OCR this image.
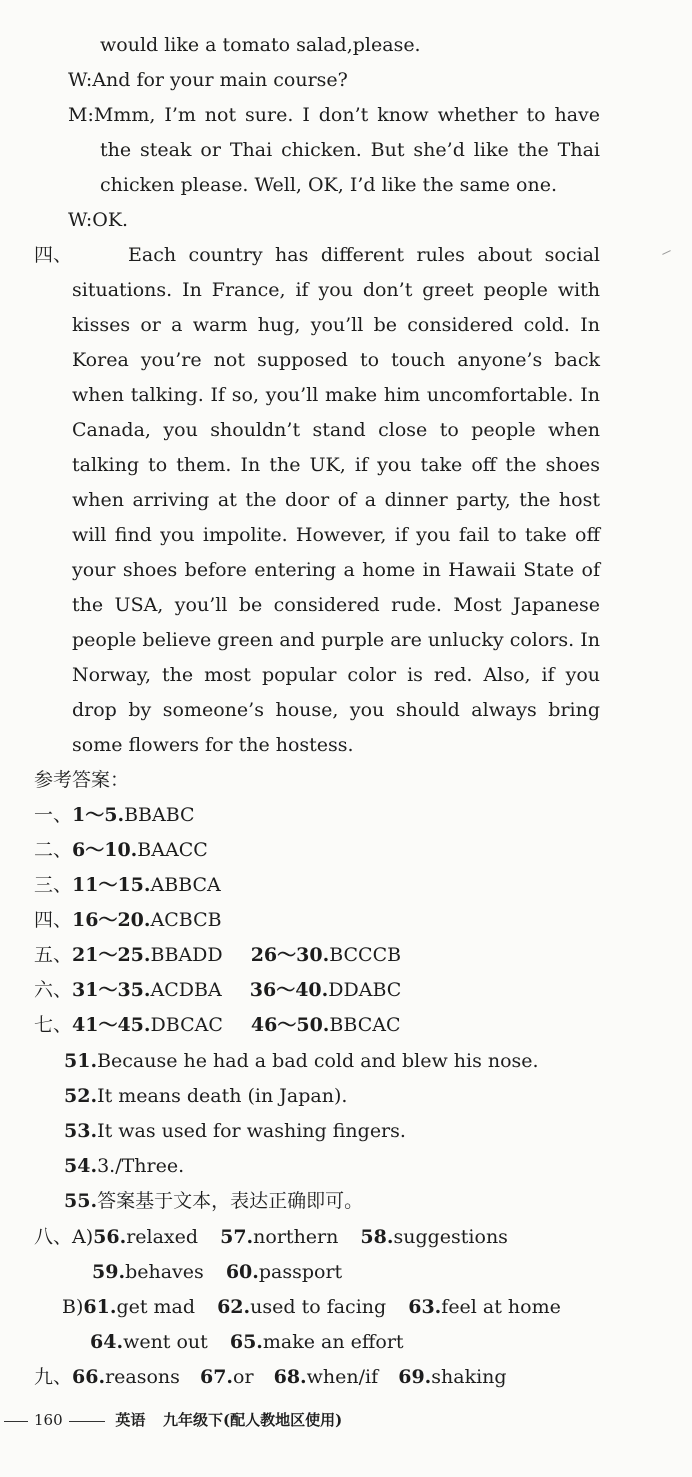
would like a tomato salad,please.
W:And for your main course?
M:Mmm, I’m not sure. I don’t know whether to have
the steak or Thai chicken. But she’d like the Thai
chicken please. Well, OK, I’d like the same one.
W:OK.
四、	Each country has different rules about social
situations. In France, if you don’t greet people with
kisses or a warm hug, you’ll be considered cold. In
Korea you’re not supposed to touch anyone’s back
when talking. If so, you’ll make him uncomfortable. In
Canada, you shouldn’t stand close to people when
talking to them. In the UK, if you take off the shoes
when arriving at the door of a dinner party, the host
will find you impolite. However, if you fail to take off
your shoes before entering a home in Hawaii State of
the USA, you’ll be considered rude. Most Japanese
people believe green and purple are unlucky colors. In
Norway, the most popular color is red. Also, if you
drop by someone’s house, you should always bring
some flowers for the hostess.
参考答案：
一、1～5.BBABC
二、6～10.BAACC
三、11～15.ABBCA
四、16～20.ACBCB
五、21～25.BBADD 26～30.BCCCB
六、31～35.ACDBA 36～40.DDABC
七、41～45.DBCAC 46～50.BBCAC
51.Because he had a bad cold and blew his nose.
52.It means death (in Japan).
53.It was used for washing fingers.
54.3./Three.
55.答案基于文本，表达正确即可。
八、A)56.relaxed 57.northern 58.suggestions
59.behaves 60.passport
B)61.get mad 62.used to facing 63.feel at home
64.went out 65.make an effort
九、66.reasons 67.or 68.when/if 69.shaking
160	英语 九年级下(配人教地区使用)
